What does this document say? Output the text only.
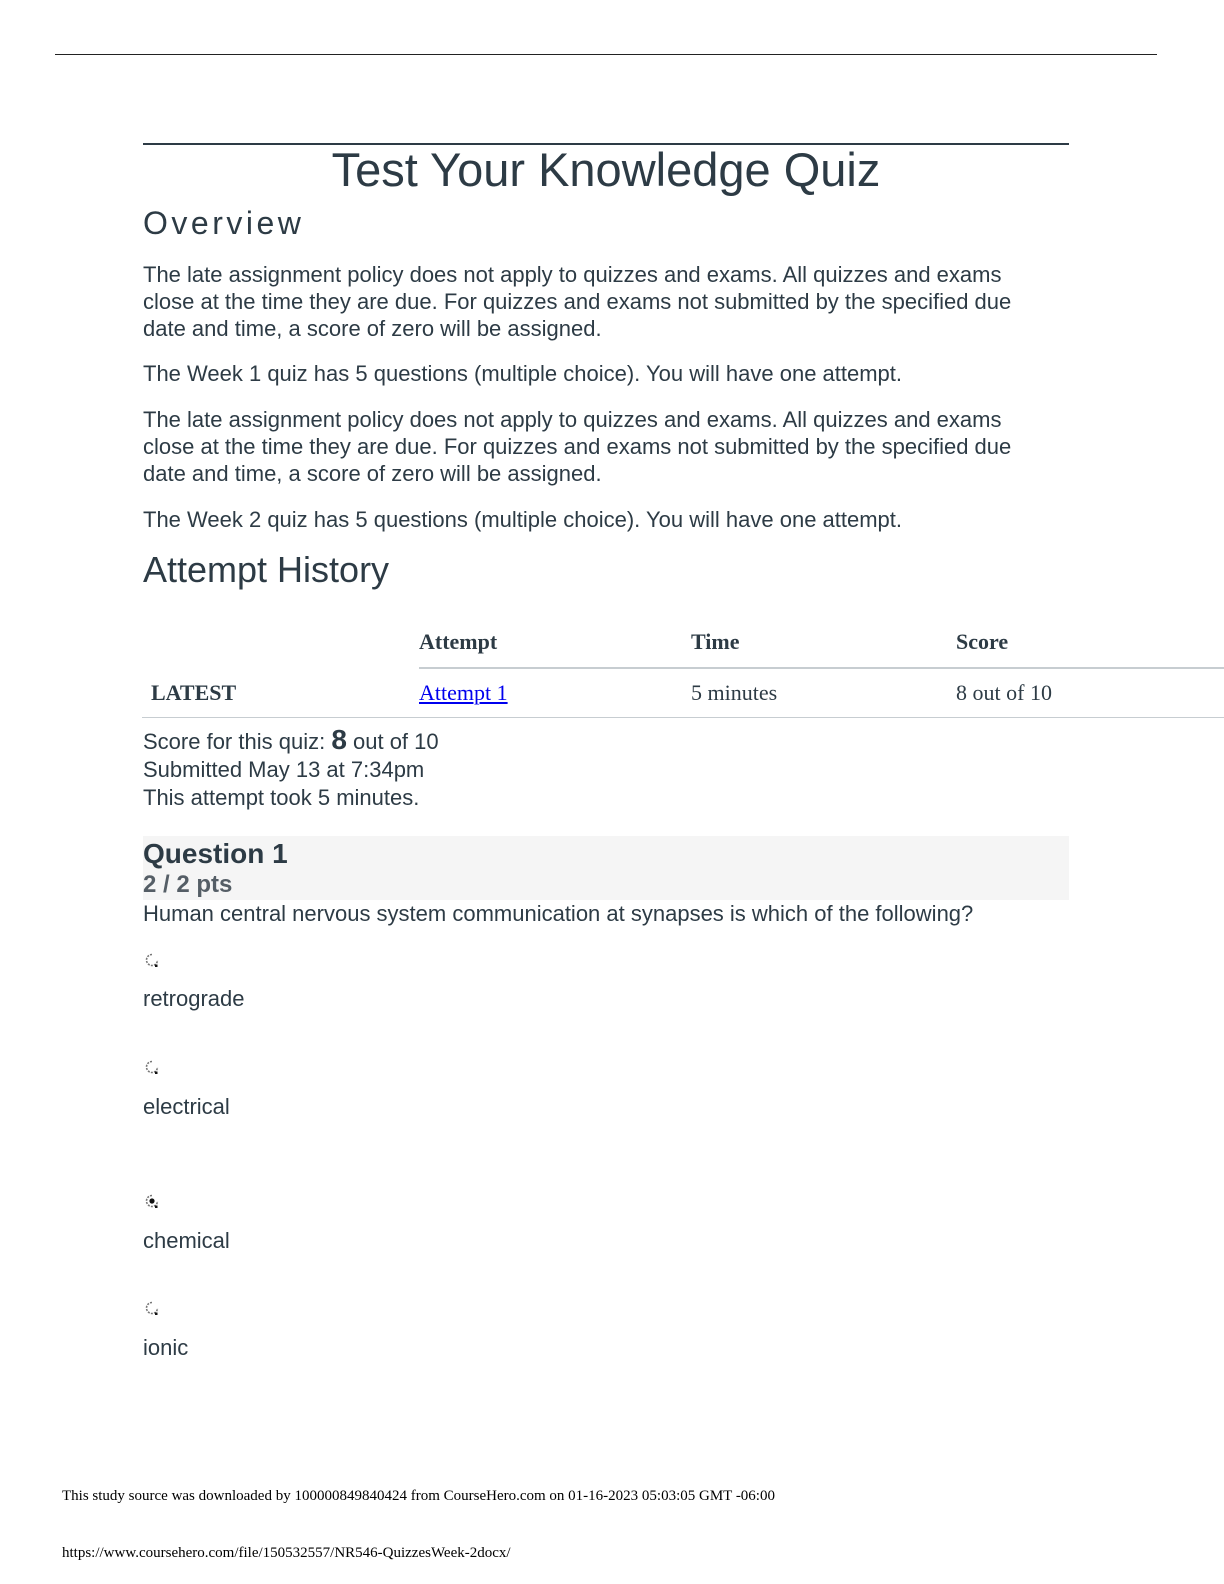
Test Your Knowledge Quiz
Overview

The late assignment policy does not apply to quizzes and exams. All quizzes and exams close at the time they are due. For quizzes and exams not submitted by the specified due date and time, a score of zero will be assigned.

The Week 1 quiz has 5 questions (multiple choice). You will have one attempt.

The late assignment policy does not apply to quizzes and exams. All quizzes and exams close at the time they are due. For quizzes and exams not submitted by the specified due date and time, a score of zero will be assigned.

The Week 2 quiz has 5 questions (multiple choice). You will have one attempt.

Attempt History
	Attempt	Time	Score
LATEST	Attempt 1	5 minutes	8 out of 10
Score for this quiz: 8 out of 10
Submitted May 13 at 7:34pm
This attempt took 5 minutes.
Question 1
2 / 2 pts
Human central nervous system communication at synapses is which of the following?
retrograde
electrical
chemical
ionic
This study source was downloaded by 100000849840424 from CourseHero.com on 01-16-2023 05:03:05 GMT -06:00
https://www.coursehero.com/file/150532557/NR546-QuizzesWeek-2docx/
